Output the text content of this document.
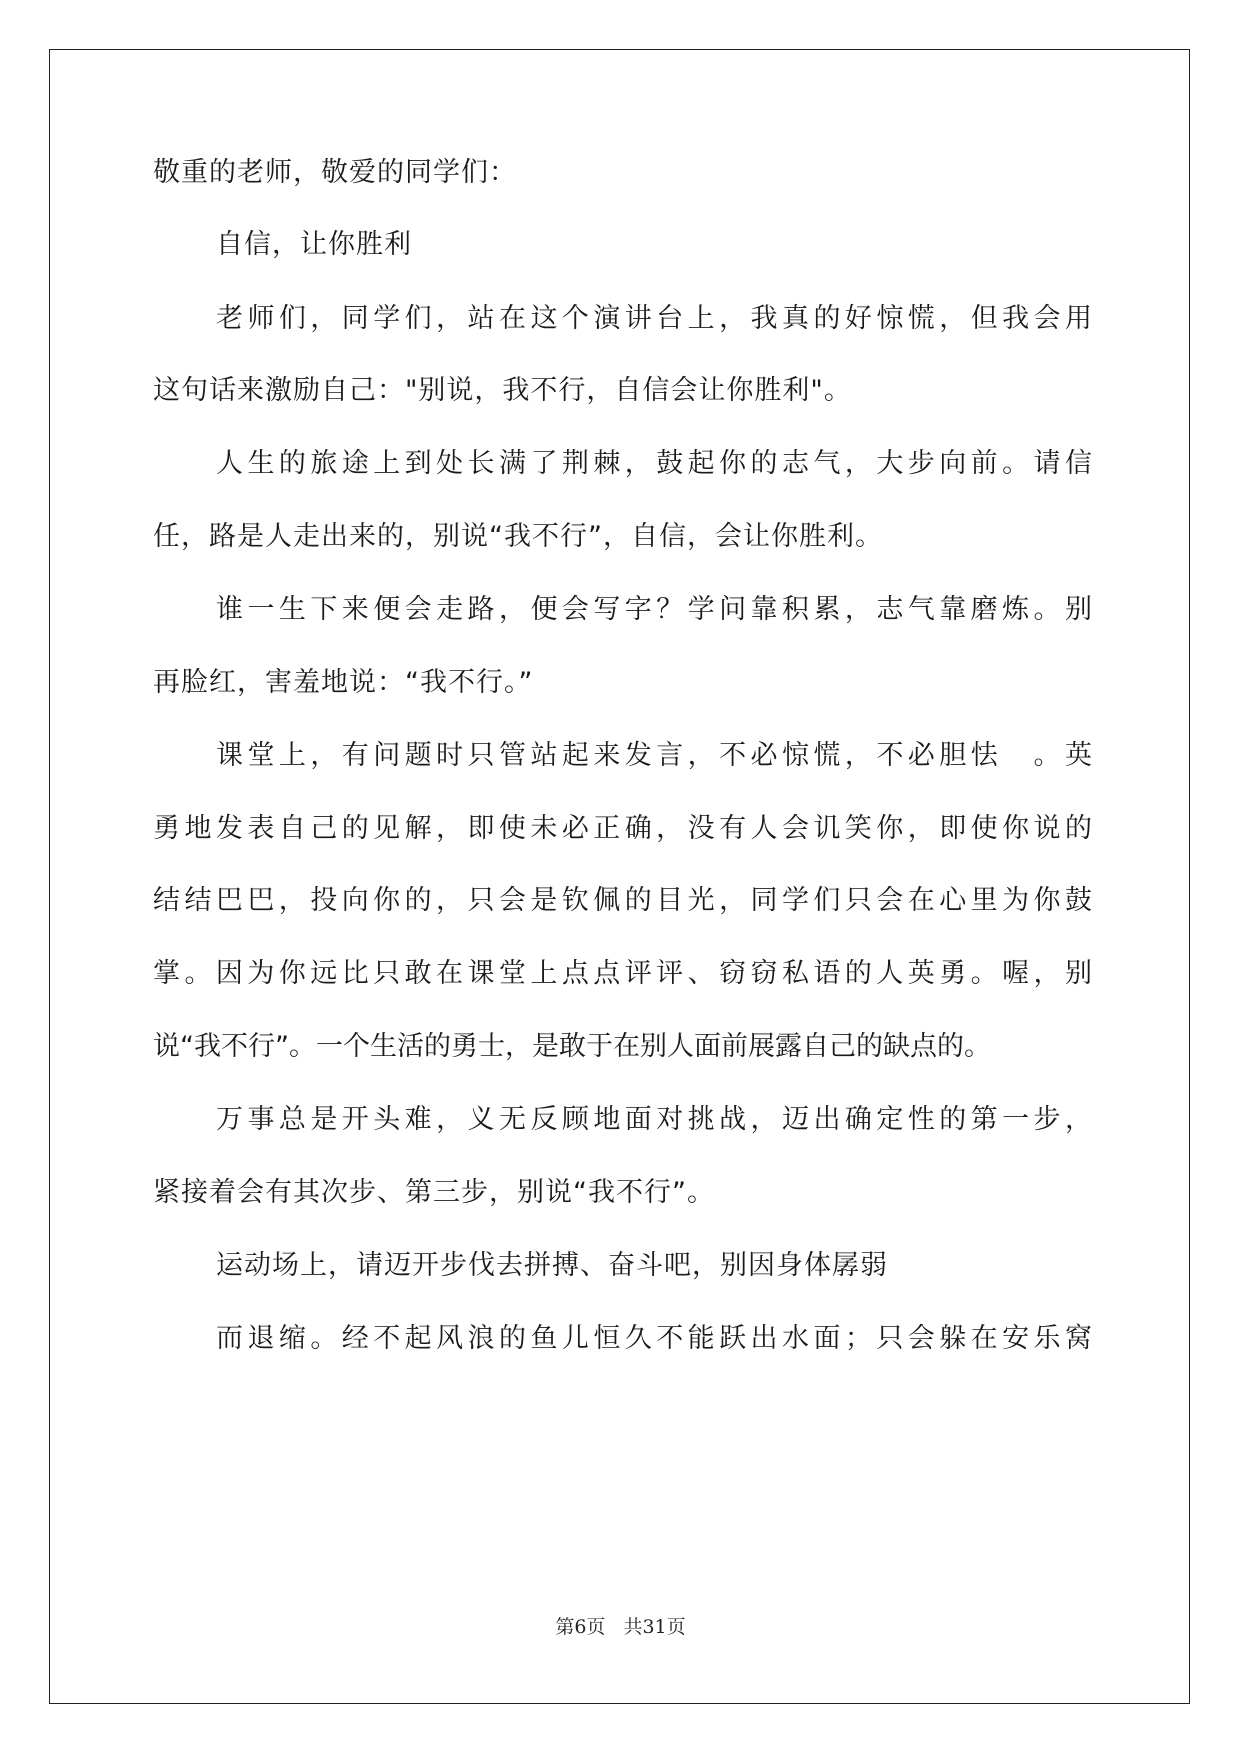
敬重的老师，敬爱的同学们：
自信，让你胜利
老师们，同学们，站在这个演讲台上，我真的好惊慌，但我会用
这句话来激励自己："别说，我不行，自信会让你胜利"。
人生的旅途上到处长满了荆棘，鼓起你的志气，大步向前。请信
任，路是人走出来的，别说“我不行”，自信，会让你胜利。
谁一生下来便会走路，便会写字？学问靠积累，志气靠磨炼。别
再脸红，害羞地说：“我不行。”
课堂上，有问题时只管站起来发言，不必惊慌，不必胆怯　。英
勇地发表自己的见解，即使未必正确，没有人会讥笑你，即使你说的
结结巴巴，投向你的，只会是钦佩的目光，同学们只会在心里为你鼓
掌。因为你远比只敢在课堂上点点评评、窃窃私语的人英勇。喔，别
说“我不行”。一个生活的勇士，是敢于在别人面前展露自己的缺点的。
万事总是开头难，义无反顾地面对挑战，迈出确定性的第一步，
紧接着会有其次步、第三步，别说“我不行”。
运动场上，请迈开步伐去拼搏、奋斗吧，别因身体孱弱
而退缩。经不起风浪的鱼儿恒久不能跃出水面；只会躲在安乐窝
第6页 共31页
